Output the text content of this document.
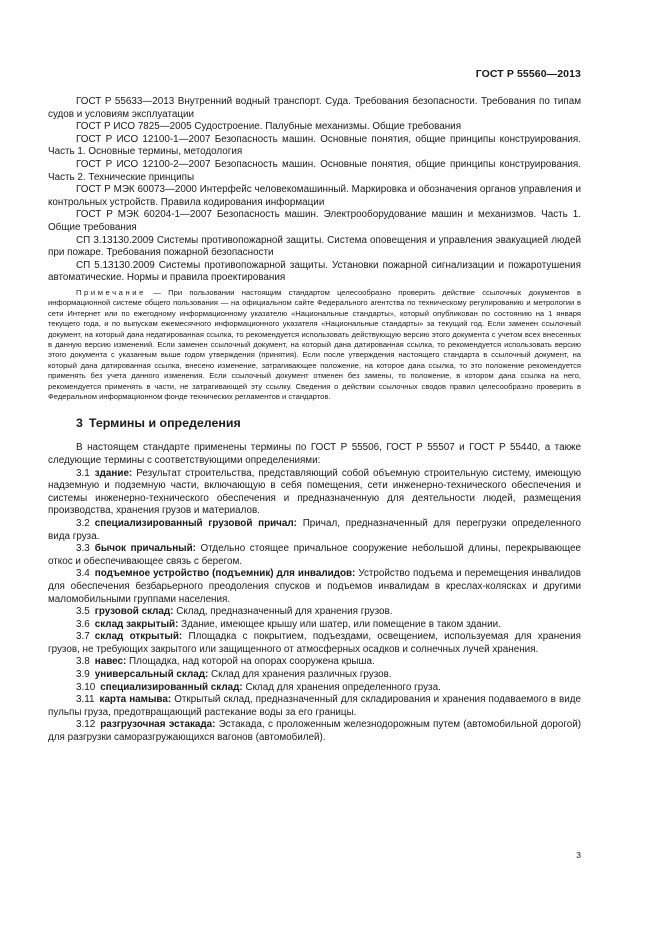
ГОСТ Р 55560—2013

ГОСТ Р 55633—2013 Внутренний водный транспорт. Суда. Требования безопасности. Требования по типам судов и условиям эксплуатации

ГОСТ Р ИСО 7825—2005 Судостроение. Палубные механизмы. Общие требования

ГОСТ Р ИСО 12100-1—2007 Безопасность машин. Основные понятия, общие принципы конструирования. Часть 1. Основные термины, методология

ГОСТ Р ИСО 12100-2—2007 Безопасность машин. Основные понятия, общие принципы конструирования. Часть 2. Технические принципы

ГОСТ Р МЭК 60073—2000 Интерфейс человекомашинный. Маркировка и обозначения органов управления и контрольных устройств. Правила кодирования информации

ГОСТ Р МЭК 60204-1—2007 Безопасность машин. Электрооборудование машин и механизмов. Часть 1. Общие требования

СП 3.13130.2009 Системы противопожарной защиты. Система оповещения и управления эвакуацией людей при пожаре. Требования пожарной безопасности

СП 5.13130.2009 Системы противопожарной защиты. Установки пожарной сигнализации и пожаротушения автоматические. Нормы и правила проектирования

Примечание — При пользовании настоящим стандартом целесообразно проверить действие ссылочных документов в информационной системе общего пользования — на официальном сайте Федерального агентства по техническому регулированию и метрологии в сети Интернет или по ежегодному информационному указателю «Национальные стандарты», который опубликован по состоянию на 1 января текущего года, и по выпускам ежемесячного информационного указателя «Национальные стандарты» за текущий год. Если заменен ссылочный документ, на который дана недатированная ссылка, то рекомендуется использовать действующую версию этого документа с учетом всех внесенных в данную версию изменений. Если заменен ссылочный документ, на который дана датированная ссылка, то рекомендуется использовать версию этого документа с указанным выше годом утверждения (принятия). Если после утверждения настоящего стандарта в ссылочный документ, на который дана датированная ссылка, внесено изменение, затрагивающее положение, на которое дана ссылка, то это положение рекомендуется применять без учета данного изменения. Если ссылочный документ отменен без замены, то положение, в котором дана ссылка на него, рекомендуется применять в части, не затрагивающей эту ссылку. Сведения о действии ссылочных сводов правил целесообразно проверить в Федеральном информационном фонде технических регламентов и стандартов.

3 Термины и определения

В настоящем стандарте применены термины по ГОСТ Р 55506, ГОСТ Р 55507 и ГОСТ Р 55440, а также следующие термины с соответствующими определениями:

3.1 здание: Результат строительства, представляющий собой объемную строительную систему, имеющую надземную и подземную части, включающую в себя помещения, сети инженерно-технического обеспечения и системы инженерно-технического обеспечения и предназначенную для деятельности людей, размещения производства, хранения грузов и материалов.

3.2 специализированный грузовой причал: Причал, предназначенный для перегрузки определенного вида груза.

3.3 бычок причальный: Отдельно стоящее причальное сооружение небольшой длины, перекрывающее откос и обеспечивающее связь с берегом.

3.4 подъемное устройство (подъемник) для инвалидов: Устройство подъема и перемещения инвалидов для обеспечения безбарьерного преодоления спусков и подъемов инвалидам в креслах-колясках и другими маломобильными группами населения.

3.5 грузовой склад: Склад, предназначенный для хранения грузов.

3.6 склад закрытый: Здание, имеющее крышу или шатер, или помещение в таком здании.

3.7 склад открытый: Площадка с покрытием, подъездами, освещением, используемая для хранения грузов, не требующих закрытого или защищенного от атмосферных осадков и солнечных лучей хранения.

3.8 навес: Площадка, над которой на опорах сооружена крыша.

3.9 универсальный склад: Склад для хранения различных грузов.

3.10 специализированный склад: Склад для хранения определенного груза.

3.11 карта намыва: Открытый склад, предназначенный для складирования и хранения подаваемого в виде пульпы груза, предотвращающий растекание воды за его границы.

3.12 разгрузочная эстакада: Эстакада, с проложенным железнодорожным путем (автомобильной дорогой) для разгрузки саморазгружающихся вагонов (автомобилей).

3
